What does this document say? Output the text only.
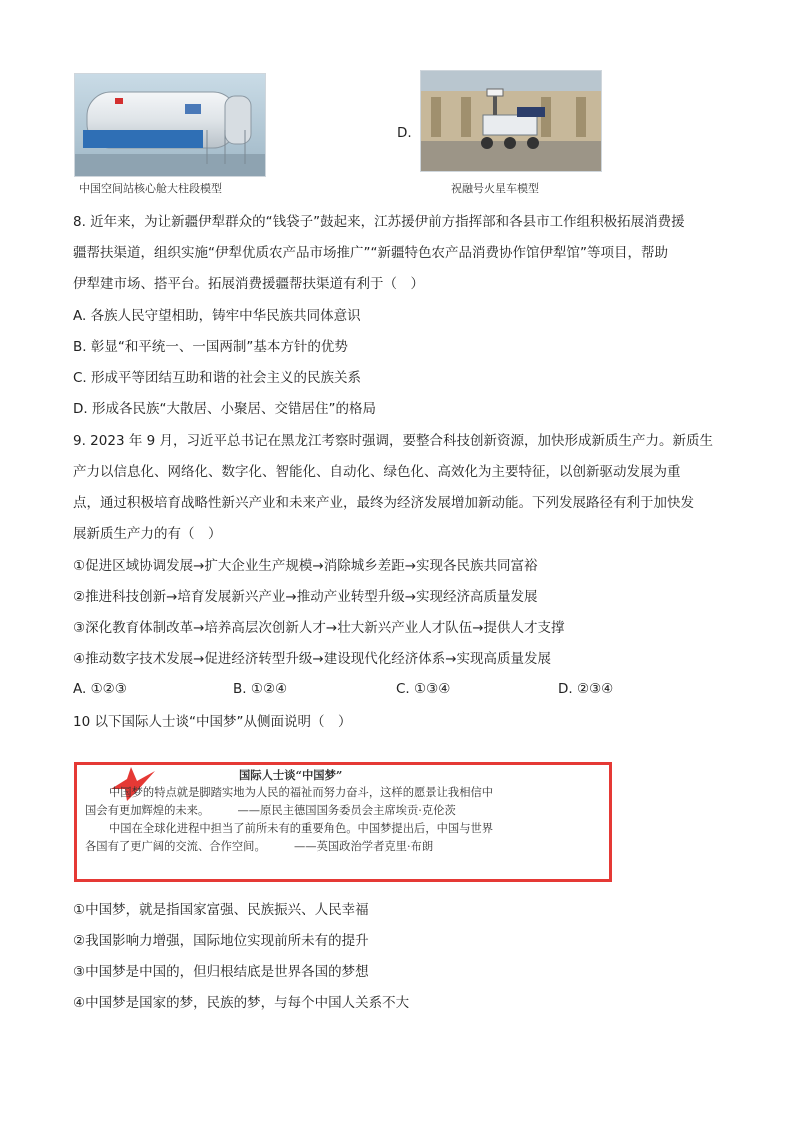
中国空间站核心舱大柱段模型
D.
祝融号火星车模型
8. 近年来，为让新疆伊犁群众的“钱袋子”鼓起来，江苏援伊前方指挥部和各县市工作组积极拓展消费援
疆帮扶渠道，组织实施“伊犁优质农产品市场推广”“新疆特色农产品消费协作馆伊犁馆”等项目，帮助
伊犁建市场、搭平台。拓展消费援疆帮扶渠道有利于（　）
A. 各族人民守望相助，铸牢中华民族共同体意识
B. 彰显“和平统一、一国两制”基本方针的优势
C. 形成平等团结互助和谐的社会主义的民族关系
D. 形成各民族“大散居、小聚居、交错居住”的格局
9. 2023 年 9 月，习近平总书记在黑龙江考察时强调，要整合科技创新资源，加快形成新质生产力。新质生
产力以信息化、网络化、数字化、智能化、自动化、绿色化、高效化为主要特征，以创新驱动发展为重
点，通过积极培育战略性新兴产业和未来产业，最终为经济发展增加新动能。下列发展路径有利于加快发
展新质生产力的有（　）
①促进区域协调发展→扩大企业生产规模→消除城乡差距→实现各民族共同富裕
②推进科技创新→培育发展新兴产业→推动产业转型升级→实现经济高质量发展
③深化教育体制改革→培养高层次创新人才→壮大新兴产业人才队伍→提供人才支撑
④推动数字技术发展→促进经济转型升级→建设现代化经济体系→实现高质量发展
A. ①②③	B. ①②④	C. ①③④	D. ②③④
10 以下国际人士谈“中国梦”从侧面说明（　）
国际人士谈“中国梦”
中国梦的特点就是脚踏实地为人民的福祉而努力奋斗，这样的愿景让我相信中
国会有更加辉煌的未来。　　　——原民主德国国务委员会主席埃贡·克伦茨
中国在全球化进程中担当了前所未有的重要角色。中国梦提出后，中国与世界
各国有了更广阔的交流、合作空间。　　　——英国政治学者克里·布朗
①中国梦，就是指国家富强、民族振兴、人民幸福
②我国影响力增强，国际地位实现前所未有的提升
③中国梦是中国的，但归根结底是世界各国的梦想
④中国梦是国家的梦，民族的梦，与每个中国人关系不大
